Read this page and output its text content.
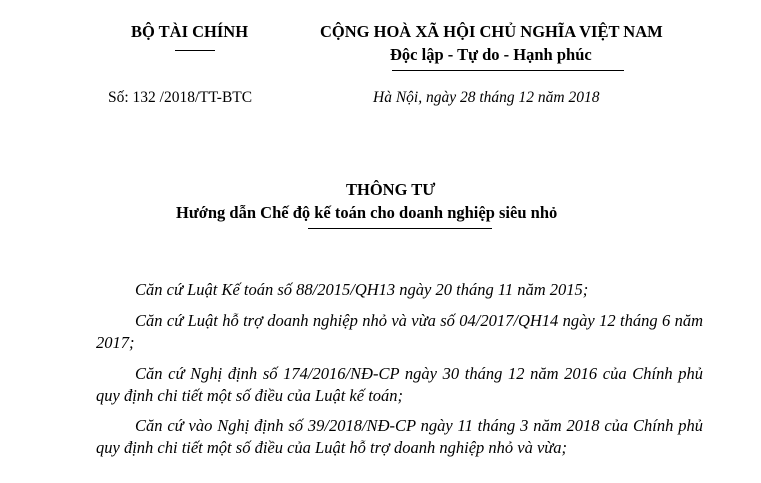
BỘ TÀI CHÍNH	CỘNG HOÀ XÃ HỘI CHỦ NGHĨA VIỆT NAM
Độc lập - Tự do - Hạnh phúc
Số: 132 /2018/TT-BTC	Hà Nội, ngày 28 tháng 12 năm 2018
THÔNG TƯ
Hướng dẫn Chế độ kế toán cho doanh nghiệp siêu nhỏ

Căn cứ Luật Kế toán số 88/2015/QH13 ngày 20 tháng 11 năm 2015;

Căn cứ Luật hỗ trợ doanh nghiệp nhỏ và vừa số 04/2017/QH14 ngày 12 tháng 6 năm 2017;

Căn cứ Nghị định số 174/2016/NĐ-CP ngày 30 tháng 12 năm 2016 của Chính phủ quy định chi tiết một số điều của Luật kế toán;

Căn cứ vào Nghị định số 39/2018/NĐ-CP ngày 11 tháng 3 năm 2018 của Chính phủ quy định chi tiết một số điều của Luật hỗ trợ doanh nghiệp nhỏ và vừa;
